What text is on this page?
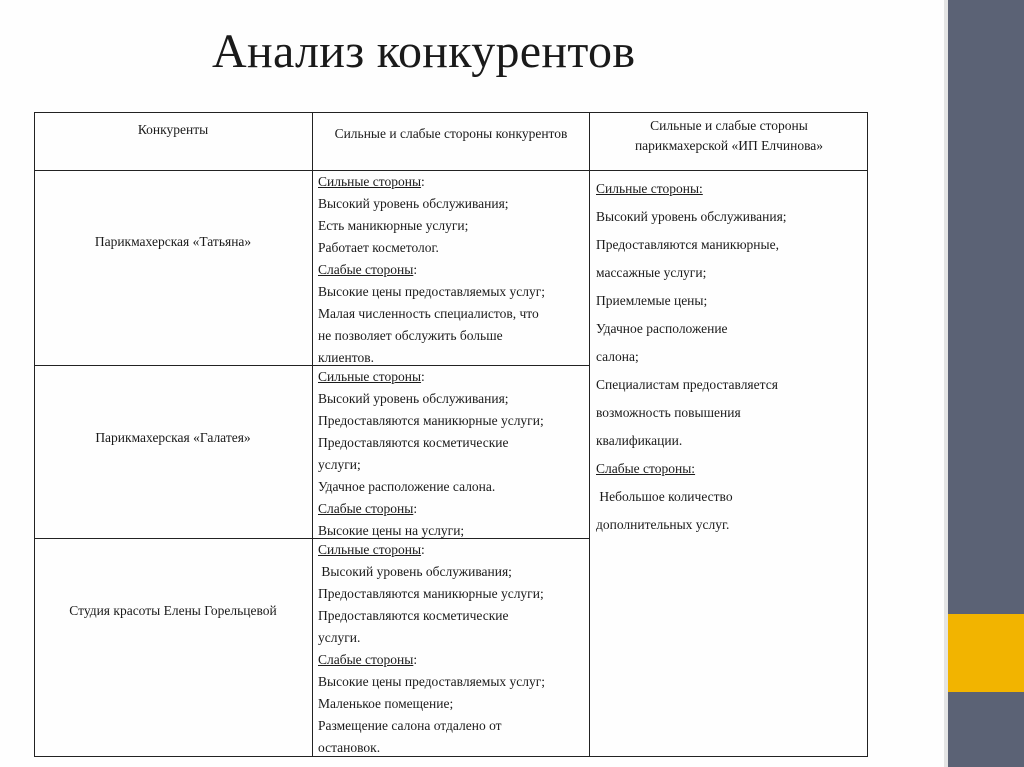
Анализ конкурентов
Конкуренты	Сильные и слабые стороны конкурентов
Сильные и слабые стороны
парикмахерской «ИП Елчинова»
Парикмахерская «Татьяна»
Парикмахерская «Галатея»
Студия красоты Елены Горельцевой
Сильные стороны:
Высокий уровень обслуживания;
Есть маникюрные услуги;
Работает косметолог.
Слабые стороны:
Высокие цены предоставляемых услуг;
Малая численность специалистов, что
не позволяет обслужить больше
клиентов.
Сильные стороны:
Высокий уровень обслуживания;
Предоставляются маникюрные услуги;
Предоставляются косметические
услуги;
Удачное расположение салона.
Слабые стороны:
Высокие цены на услуги;
Сильные стороны:
Высокий уровень обслуживания;
Предоставляются маникюрные услуги;
Предоставляются косметические
услуги.
Слабые стороны:
Высокие цены предоставляемых услуг;
Маленькое помещение;
Размещение салона отдалено от
остановок.
Сильные стороны:
Высокий уровень обслуживания;
Предоставляются маникюрные,
массажные услуги;
Приемлемые цены;
Удачное расположение
салона;
Специалистам предоставляется
возможность повышения
квалификации.
Слабые стороны:
Небольшое количество
дополнительных услуг.
